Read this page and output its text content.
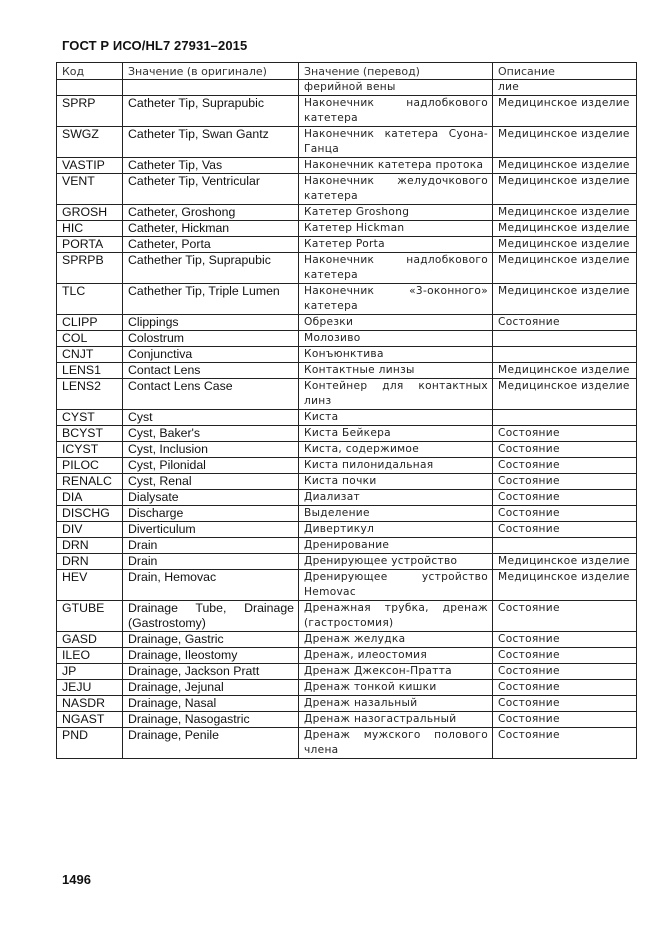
ГОСТ Р ИСО/HL7 27931–2015
Код	Значение (в оригинале)	Значение (перевод)	Описание
		ферийной вены	лие
SPRP	Catheter Tip, Suprapubic	Наконечник надлобкового катетера	Медицинское изделие
SWGZ	Catheter Tip, Swan Gantz	Наконечник катетера Суона-Ганца	Медицинское изделие
VASTIP	Catheter Tip, Vas	Наконечник катетера протока	Медицинское изделие
VENT	Catheter Tip, Ventricular	Наконечник желудочкового катетера	Медицинское изделие
GROSH	Catheter, Groshong	Катетер Groshong	Медицинское изделие
HIC	Catheter, Hickman	Катетер Hickman	Медицинское изделие
PORTA	Catheter, Porta	Катетер Porta	Медицинское изделие
SPRPB	Cathether Tip, Suprapubic	Наконечник надлобкового катетера	Медицинское изделие
TLC	Cathether Tip, Triple Lumen	Наконечник «3-оконного» катетера	Медицинское изделие
CLIPP	Clippings	Обрезки	Состояние
COL	Colostrum	Молозиво	
CNJT	Conjunctiva	Конъюнктива	
LENS1	Contact Lens	Контактные линзы	Медицинское изделие
LENS2	Contact Lens Case	Контейнер для контактных линз	Медицинское изделие
CYST	Cyst	Киста	
BCYST	Cyst, Baker's	Киста Бейкера	Состояние
ICYST	Cyst, Inclusion	Киста, содержимое	Состояние
PILOC	Cyst, Pilonidal	Киста пилонидальная	Состояние
RENALC	Cyst, Renal	Киста почки	Состояние
DIA	Dialysate	Диализат	Состояние
DISCHG	Discharge	Выделение	Состояние
DIV	Diverticulum	Дивертикул	Состояние
DRN	Drain	Дренирование	
DRN	Drain	Дренирующее устройство	Медицинское изделие
HEV	Drain, Hemovac	Дренирующее устройство Hemovac	Медицинское изделие
GTUBE	Drainage Tube, Drainage (Gastrostomy)	Дренажная трубка, дренаж (гастростомия)	Состояние
GASD	Drainage, Gastric	Дренаж желудка	Состояние
ILEO	Drainage, Ileostomy	Дренаж, илеостомия	Состояние
JP	Drainage, Jackson Pratt	Дренаж Джексон-Пратта	Состояние
JEJU	Drainage, Jejunal	Дренаж тонкой кишки	Состояние
NASDR	Drainage, Nasal	Дренаж назальный	Состояние
NGAST	Drainage, Nasogastric	Дренаж назогастральный	Состояние
PND	Drainage, Penile	Дренаж мужского полового члена	Состояние
1496
